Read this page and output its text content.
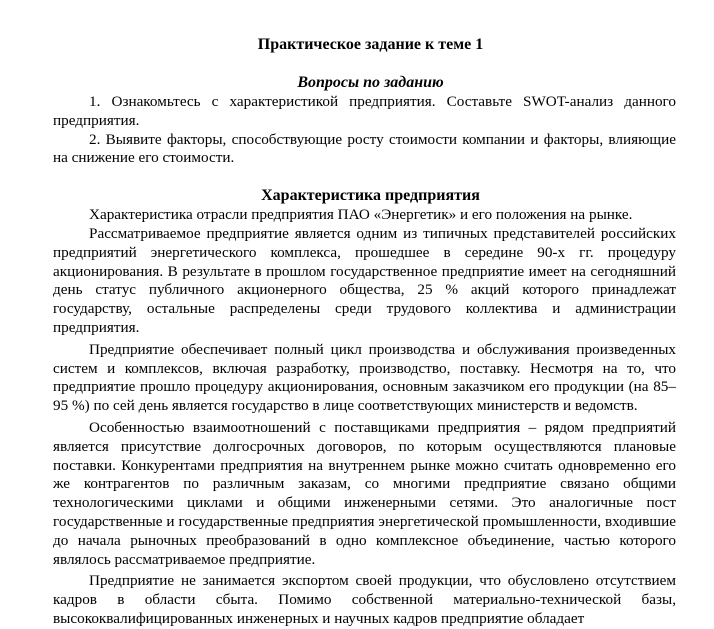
Практическое задание к теме 1
Вопросы по заданию

1. Ознакомьтесь с характеристикой предприятия. Составьте SWOT-анализ данного предприятия.

2. Выявите факторы, способствующие росту стоимости компании и факторы, влияющие на снижение его стоимости.

Характеристика предприятия

Характеристика отрасли предприятия ПАО «Энергетик» и его положения на рынке.

Рассматриваемое предприятие является одним из типичных представителей российских предприятий энергетического комплекса, прошедшее в середине 90-х гг. процедуру акционирования. В результате в прошлом государственное предприятие имеет на сегодняшний день статус публичного акционерного общества, 25 % акций которого принадлежат государству, остальные распределены среди трудового коллектива и администрации предприятия.

Предприятие обеспечивает полный цикл производства и обслуживания произведенных систем и комплексов, включая разработку, производство, поставку. Несмотря на то, что предприятие прошло процедуру акционирования, основным заказчиком его продукции (на 85–95 %) по сей день является государство в лице соответствующих министерств и ведомств.

Особенностью взаимоотношений с поставщиками предприятия – рядом предприятий является присутствие долгосрочных договоров, по которым осуществляются плановые поставки. Конкурентами предприятия на внутреннем рынке можно считать одновременно его же контрагентов по различным заказам, со многими предприятие связано общими технологическими циклами и общими инженерными сетями. Это аналогичные пост государственные и государственные предприятия энергетической промышленности, входившие до начала рыночных преобразований в одно комплексное объединение, частью которого являлось рассматриваемое предприятие.

Предприятие не занимается экспортом своей продукции, что обусловлено отсутствием кадров в области сбыта. Помимо собственной материально-технической базы, высококвалифицированных инженерных и научных кадров предприятие обладает
